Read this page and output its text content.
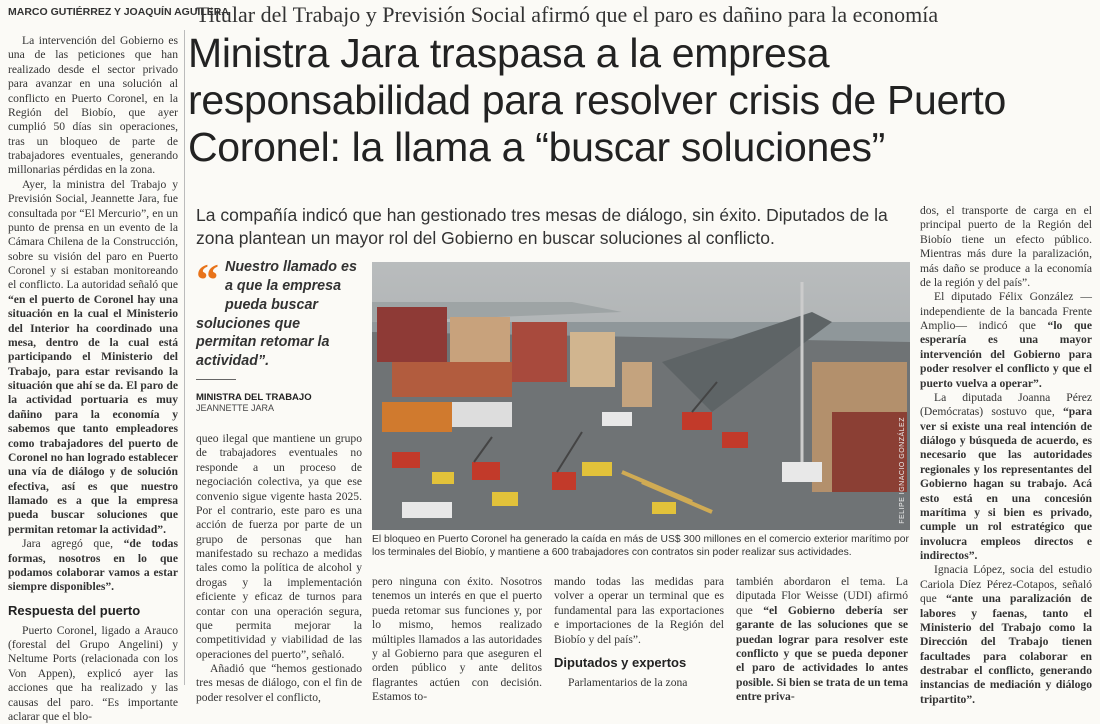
MARCO GUTIÉRREZ Y JOAQUÍN AGUILERA
Titular del Trabajo y Previsión Social afirmó que el paro es dañino para la economía
Ministra Jara traspasa a la empresa
responsabilidad para resolver crisis de Puerto
Coronel: la llama a “buscar soluciones”

La intervención del Gobierno es una de las peticiones que han realizado desde el sector privado para avanzar en una solución al conflicto en Puerto Coronel, en la Región del Biobío, que ayer cumplió 50 días sin operaciones, tras un bloqueo de parte de trabajadores eventuales, generando millonarias pérdidas en la zona.

Ayer, la ministra del Trabajo y Previsión Social, Jeannette Jara, fue consultada por “El Mercurio”, en un punto de prensa en un evento de la Cámara Chilena de la Construcción, sobre su visión del paro en Puerto Coronel y si estaban monitoreando el conflicto. La autoridad señaló que “en el puerto de Coronel hay una situación en la cual el Ministerio del Interior ha coordinado una mesa, dentro de la cual está participando el Ministerio del Trabajo, para estar revisando la situación que ahí se da. El paro de la actividad portuaria es muy dañino para la economía y sabemos que tanto empleadores como trabajadores del puerto de Coronel no han logrado establecer una vía de diálogo y de solución efectiva, así es que nuestro llamado es a que la empresa pueda buscar soluciones que permitan retomar la actividad”.

Jara agregó que, “de todas formas, nosotros en lo que podamos colaborar vamos a estar siempre disponibles”.

Respuesta del puerto

Puerto Coronel, ligado a Arauco (forestal del Grupo Angelini) y Neltume Ports (relacionada con los Von Appen), explicó ayer las acciones que ha realizado y las causas del paro. “Es importante aclarar que el blo-

La compañía indicó que han gestionado tres mesas de diálogo, sin éxito. Diputados de la zona plantean un mayor rol del Gobierno en buscar soluciones al conflicto.
“ Nuestro llamado es a que la empresa pueda buscar soluciones que permitan retomar la actividad”.
MINISTRA DEL TRABAJO
JEANNETTE JARA

queo ilegal que mantiene un grupo de trabajadores eventuales no responde a un proceso de negociación colectiva, ya que ese convenio sigue vigente hasta 2025. Por el contrario, este paro es una acción de fuerza por parte de un grupo de personas que han manifestado su rechazo a medidas tales como la política de alcohol y drogas y la implementación eficiente y eficaz de turnos para contar con una operación segura, que permita mejorar la competitividad y viabilidad de las operaciones del puerto”, señaló.

Añadió que “hemos gestionado tres mesas de diálogo, con el fin de poder resolver el conflicto,

FELIPE IGNACIO GONZÁLEZ
El bloqueo en Puerto Coronel ha generado la caída en más de US$ 300 millones en el comercio exterior marítimo por los terminales del Biobío, y mantiene a 600 trabajadores con contratos sin poder realizar sus actividades.

pero ninguna con éxito. Nosotros tenemos un interés en que el puerto pueda retomar sus funciones y, por lo mismo, hemos realizado múltiples llamados a las autoridades y al Gobierno para que aseguren el orden público y ante delitos flagrantes actúen con decisión. Estamos to-

mando todas las medidas para volver a operar un terminal que es fundamental para las exportaciones e importaciones de la Región del Biobío y del país”.

Diputados y expertos

Parlamentarios de la zona

también abordaron el tema. La diputada Flor Weisse (UDI) afirmó que “el Gobierno debería ser garante de las soluciones que se puedan lograr para resolver este conflicto y que se pueda deponer el paro de actividades lo antes posible. Si bien se trata de un tema entre priva-

dos, el transporte de carga en el principal puerto de la Región del Biobío tiene un efecto público. Mientras más dure la paralización, más daño se produce a la economía de la región y del país”.

El diputado Félix González —independiente de la bancada Frente Amplio— indicó que “lo que esperaría es una mayor intervención del Gobierno para poder resolver el conflicto y que el puerto vuelva a operar”.

La diputada Joanna Pérez (Demócratas) sostuvo que, “para ver si existe una real intención de diálogo y búsqueda de acuerdo, es necesario que las autoridades regionales y los representantes del Gobierno hagan su trabajo. Acá esto está en una concesión marítima y si bien es privado, cumple un rol estratégico que involucra empleos directos e indirectos”.

Ignacia López, socia del estudio Cariola Díez Pérez-Cotapos, señaló que “ante una paralización de labores y faenas, tanto el Ministerio del Trabajo como la Dirección del Trabajo tienen facultades para colaborar en destrabar el conflicto, generando instancias de mediación y diálogo tripartito”.
